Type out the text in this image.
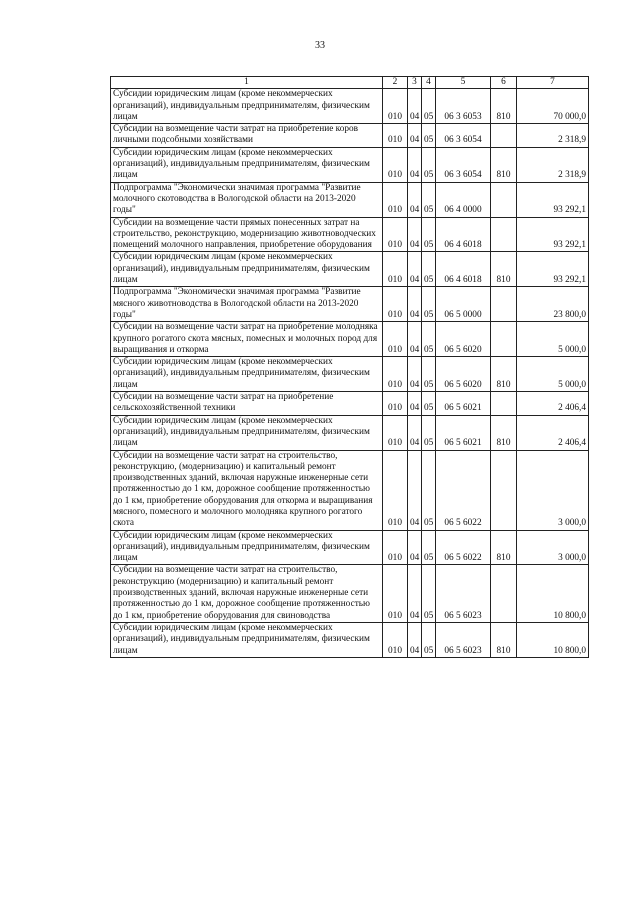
33
1	2	3	4	5	6	7
Субсидии юридическим лицам (кроме некоммерческих организаций), индивидуальным предпринимателям, физическим лицам	010	04	05	06 3 6053	810	70 000,0
Субсидии на возмещение части затрат на приобретение коров личными подсобными хозяйствами	010	04	05	06 3 6054		2 318,9
Субсидии юридическим лицам (кроме некоммерческих организаций), индивидуальным предпринимателям, физическим лицам	010	04	05	06 3 6054	810	2 318,9
Подпрограмма "Экономически значимая программа "Развитие молочного скотоводства в Вологодской области на 2013-2020 годы"	010	04	05	06 4 0000		93 292,1
Субсидии на возмещение части прямых понесенных затрат на строительство, реконструкцию, модернизацию животноводческих помещений молочного направления, приобретение оборудования	010	04	05	06 4 6018		93 292,1
Субсидии юридическим лицам (кроме некоммерческих организаций), индивидуальным предпринимателям, физическим лицам	010	04	05	06 4 6018	810	93 292,1
Подпрограмма "Экономически значимая программа "Развитие мясного животноводства в Вологодской области на 2013-2020 годы"	010	04	05	06 5 0000		23 800,0
Субсидии на возмещение части затрат на приобретение молодняка крупного рогатого скота мясных, помесных и молочных пород для выращивания и откорма	010	04	05	06 5 6020		5 000,0
Субсидии юридическим лицам (кроме некоммерческих организаций), индивидуальным предпринимателям, физическим лицам	010	04	05	06 5 6020	810	5 000,0
Субсидии на возмещение части затрат на приобретение сельскохозяйственной техники	010	04	05	06 5 6021		2 406,4
Субсидии юридическим лицам (кроме некоммерческих организаций), индивидуальным предпринимателям, физическим лицам	010	04	05	06 5 6021	810	2 406,4
Субсидии на возмещение части затрат на строительство, реконструкцию, (модернизацию) и капитальный ремонт производственных зданий, включая наружные инженерные сети протяженностью до 1 км, дорожное сообщение протяженностью до 1 км, приобретение оборудования для откорма и выращивания мясного, помесного и молочного молодняка крупного рогатого скота	010	04	05	06 5 6022		3 000,0
Субсидии юридическим лицам (кроме некоммерческих организаций), индивидуальным предпринимателям, физическим лицам	010	04	05	06 5 6022	810	3 000,0
Субсидии на возмещение части затрат на строительство, реконструкцию (модернизацию) и капитальный ремонт производственных зданий, включая наружные инженерные сети протяженностью до 1 км, дорожное сообщение протяженностью до 1 км, приобретение оборудования для свиноводства	010	04	05	06 5 6023		10 800,0
Субсидии юридическим лицам (кроме некоммерческих организаций), индивидуальным предпринимателям, физическим лицам	010	04	05	06 5 6023	810	10 800,0
